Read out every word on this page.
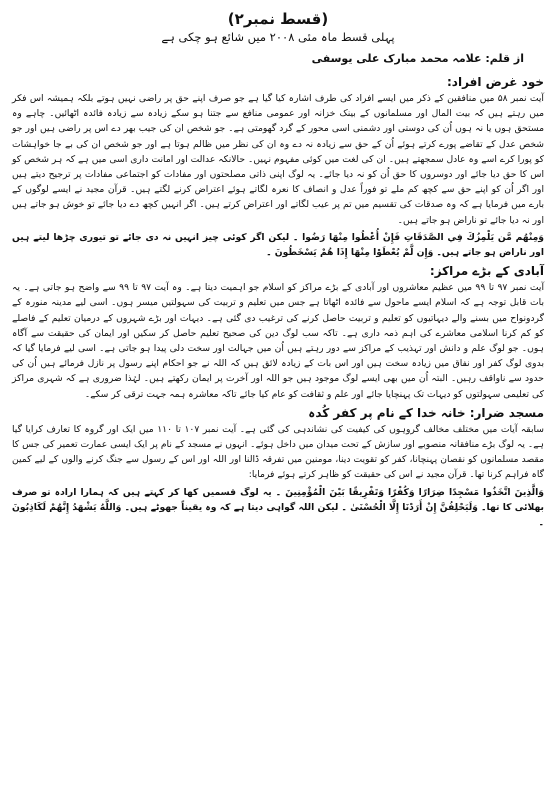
(قسط نمبر۲)
پہلی قسط ماہ مئی ۲۰۰۸ میں شائع ہو چکی ہے
از قلم: علامہ محمد مبارک علی یوسفی
خود غرض افراد:

آیت نمبر ۵۸ میں منافقین کے ذکر میں ایسے افراد کی طرف اشارہ کیا گیا ہے جو صرف اپنے حق پر راضی نہیں ہوتے بلکہ ہمیشہ اس فکر میں رہتے ہیں کہ بیت المال اور مسلمانوں کے بینک خزانہ اور عمومی منافع سے جتنا ہو سکے زیادہ سے زیادہ فائدہ اٹھائیں۔ چاہے وہ مستحق ہوں یا نہ ہوں اُن کی دوستی اور دشمنی اسی محور کے گرد گھومتی ہے۔ جو شخص ان کی جیب بھر دے اس پر راضی ہیں اور جو شخص عدل کے تقاضے پورے کرتے ہوئے اُن کے حق سے زیادہ نہ دے وہ ان کی نظر میں ظالم ہوتا ہے اور جو شخص ان کی بے جا خواہشات کو پورا کرے اسے وہ عادل سمجھتے ہیں۔ ان کی لغت میں کوئی مفہوم نہیں۔ حالانکہ عدالت اور امانت داری اسی میں ہے کہ ہر شخص کو اس کا حق دیا جائے اور دوسروں کا حق اُن کو نہ دیا جائے۔ یہ لوگ اپنی ذاتی مصلحتوں اور مفادات کو اجتماعی مفادات پر ترجیح دیتے ہیں اور اگر اُن کو اپنے حق سے کچھ کم ملے تو فوراً عدل و انصاف کا نعرہ لگاتے ہوئے اعتراض کرنے لگتے ہیں۔ قرآن مجید نے ایسے لوگوں کے بارے میں فرمایا ہے کہ وہ صدقات کی تقسیم میں تم پر عیب لگاتے اور اعتراض کرتے ہیں۔ اگر انہیں کچھ دے دیا جائے تو خوش ہو جاتے ہیں اور نہ دیا جائے تو ناراض ہو جاتے ہیں۔

وَمِنْهُم مَّن يَلْمِزُكَ فِي الصَّدَقَاتِ فَإِنْ أُعْطُوا مِنْهَا رَضُوا ۔ لیکن اگر کوئی چیز انہیں نہ دی جائے تو تیوری چڑھا لیتے ہیں اور ناراض ہو جاتے ہیں۔ وَإِن لَّمْ يُعْطَوْا مِنْهَا إِذَا هُمْ يَسْخَطُونَ ۔

آبادی کے بڑے مراکز:

آیت نمبر ۹۷ تا ۹۹ میں عظیم معاشروں اور آبادی کے بڑے مراکز کو اسلام جو اہمیت دیتا ہے۔ وہ آیت ۹۷ تا ۹۹ سے واضح ہو جاتی ہے۔ یہ بات قابل توجہ ہے کہ اسلام ایسے ماحول سے فائدہ اٹھاتا ہے جس میں تعلیم و تربیت کی سہولتیں میسر ہوں۔ اسی لیے مدینہ منورہ کے گردونواح میں بسنے والے دیہاتیوں کو تعلیم و تربیت حاصل کرنے کی ترغیب دی گئی ہے۔ دیہات اور بڑے شہروں کے درمیان تعلیم کے فاصلے کو کم کرنا اسلامی معاشرے کی اہم ذمہ داری ہے۔ تاکہ سب لوگ دین کی صحیح تعلیم حاصل کر سکیں اور ایمان کی حقیقت سے آگاہ ہوں۔ جو لوگ علم و دانش اور تہذیب کے مراکز سے دور رہتے ہیں اُن میں جہالت اور سخت دلی پیدا ہو جاتی ہے۔ اسی لیے فرمایا گیا کہ بدوی لوگ کفر اور نفاق میں زیادہ سخت ہیں اور اس بات کے زیادہ لائق ہیں کہ اللہ نے جو احکام اپنے رسول پر نازل فرمائے ہیں اُن کی حدود سے ناواقف رہیں۔ البتہ اُن میں بھی ایسے لوگ موجود ہیں جو اللہ اور آخرت پر ایمان رکھتے ہیں۔ لہٰذا ضروری ہے کہ شہری مراکز کی تعلیمی سہولتوں کو دیہات تک پہنچایا جائے اور علم و ثقافت کو عام کیا جائے تاکہ معاشرہ ہمہ جہت ترقی کر سکے۔

مسجد ضرار: خانہ خدا کے نام پر کفر کُدہ

سابقہ آیات میں مختلف مخالف گروہوں کی کیفیت کی نشاندہی کی گئی ہے۔ آیت نمبر ۱۰۷ تا ۱۱۰ میں ایک اور گروہ کا تعارف کرایا گیا ہے۔ یہ لوگ بڑے منافقانہ منصوبے اور سازش کے تحت میدان میں داخل ہوئے۔ انہوں نے مسجد کے نام پر ایک ایسی عمارت تعمیر کی جس کا مقصد مسلمانوں کو نقصان پہنچانا، کفر کو تقویت دینا، مومنین میں تفرقہ ڈالنا اور اللہ اور اس کے رسول سے جنگ کرنے والوں کے لیے کمین گاہ فراہم کرنا تھا۔ قرآن مجید نے اس کی حقیقت کو ظاہر کرتے ہوئے فرمایا:

وَالَّذِينَ اتَّخَذُوا مَسْجِدًا ضِرَارًا وَكُفْرًا وَتَفْرِيقًا بَيْنَ الْمُؤْمِنِينَ ۔ یہ لوگ قسمیں کھا کر کہتے ہیں کہ ہمارا ارادہ تو صرف بھلائی کا تھا۔ وَلَيَحْلِفُنَّ إِنْ أَرَدْنَا إِلَّا الْحُسْنَىٰ ۔ لیکن اللہ گواہی دیتا ہے کہ وہ یقیناً جھوٹے ہیں۔ وَاللَّهُ يَشْهَدُ إِنَّهُمْ لَكَاذِبُونَ ۔
